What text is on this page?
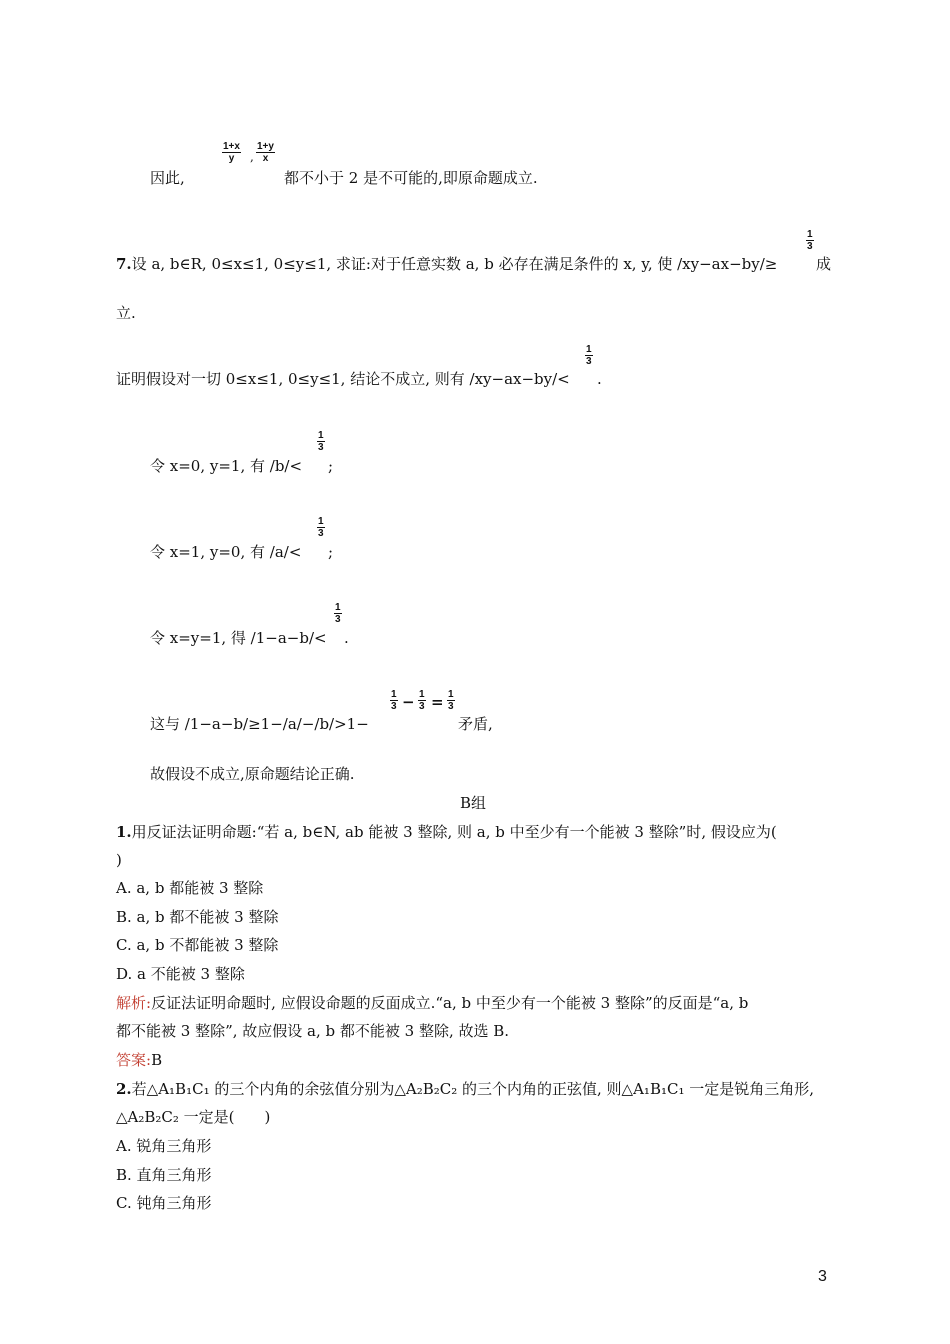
因此,
$\frac{1+x}{y}$ , $\frac{1+y}{x}$
都不小于 2 是不可能的,即原命题成立.
7.设 a, b∈R, 0≤x≤1, 0≤y≤1, 求证:对于任意实数 a, b 必存在满足条件的 x, y, 使 /xy−ax−by/≥
$\frac{1}{3}$
成
立.
证明假设对一切 0≤x≤1, 0≤y≤1, 结论不成立, 则有 /xy−ax−by/<
$\frac{1}{3}$
.
令 x=0, y=1, 有 /b/<
$\frac{1}{3}$
;
令 x=1, y=0, 有 /a/<
$\frac{1}{3}$
;
令 x=y=1, 得 /1−a−b/<
$\frac{1}{3}$
.
这与 /1−a−b/≥1−/a/−/b/>1−
$\frac{1}{3} - \frac{1}{3} = \frac{1}{3}$
矛盾,
故假设不成立,原命题结论正确.
B组
1.用反证法证明命题:“若 a, b∈N, ab 能被 3 整除, 则 a, b 中至少有一个能被 3 整除”时, 假设应为(
)
A. a, b 都能被 3 整除
B. a, b 都不能被 3 整除
C. a, b 不都能被 3 整除
D. a 不能被 3 整除
解析:反证法证明命题时, 应假设命题的反面成立.“a, b 中至少有一个能被 3 整除”的反面是“a, b
都不能被 3 整除”, 故应假设 a, b 都不能被 3 整除, 故选 B.
答案:B
2.若△A₁B₁C₁ 的三个内角的余弦值分别为△A₂B₂C₂ 的三个内角的正弦值, 则△A₁B₁C₁ 一定是锐角三角形,
△A₂B₂C₂ 一定是(　　)
A. 锐角三角形
B. 直角三角形
C. 钝角三角形
3
